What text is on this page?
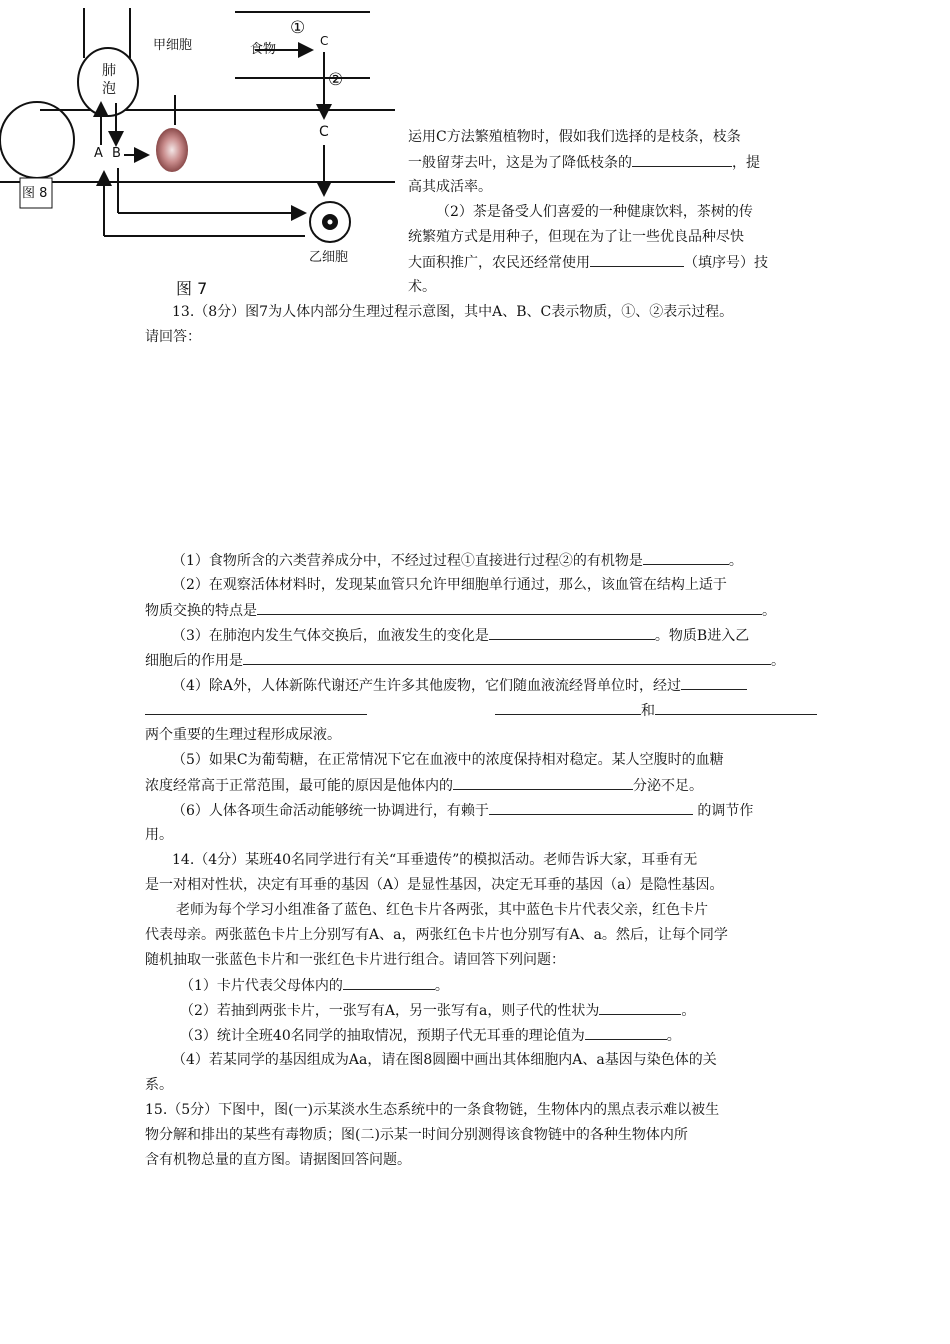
肺
泡
甲细胞
乙细胞
食物
①
②
C
C
A B
图 7
图 8
运用C方法繁殖植物时，假如我们选择的是枝条，枝条
一般留芽去叶，这是为了降低枝条的	，提
高其成活率。
（2）茶是备受人们喜爱的一种健康饮料，茶树的传
统繁殖方式是用种子，但现在为了让一些优良品种尽快
大面积推广，农民还经常使用	（填序号）技
术。
13.（8分）图7为人体内部分生理过程示意图，其中A、B、C表示物质，①、②表示过程。
请回答：
（1）食物所含的六类营养成分中，不经过过程①直接进行过程②的有机物是	。
（2）在观察活体材料时，发现某血管只允许甲细胞单行通过，那么，该血管在结构上适于
物质交换的特点是	。
（3）在肺泡内发生气体交换后，血液发生的变化是	。物质B进入乙
细胞后的作用是	。
（4）除A外，人体新陈代谢还产生许多其他废物，它们随血液流经肾单位时，经过
和
两个重要的生理过程形成尿液。
（5）如果C为葡萄糖，在正常情况下它在血液中的浓度保持相对稳定。某人空腹时的血糖
浓度经常高于正常范围，最可能的原因是他体内的	分泌不足。
（6）人体各项生命活动能够统一协调进行，有赖于	的调节作
用。
14.（4分）某班40名同学进行有关“耳垂遗传”的模拟活动。老师告诉大家，耳垂有无
是一对相对性状，决定有耳垂的基因（A）是显性基因，决定无耳垂的基因（a）是隐性基因。
老师为每个学习小组准备了蓝色、红色卡片各两张，其中蓝色卡片代表父亲，红色卡片
代表母亲。两张蓝色卡片上分别写有A、a，两张红色卡片也分别写有A、a。然后，让每个同学
随机抽取一张蓝色卡片和一张红色卡片进行组合。请回答下列问题：
（1）卡片代表父母体内的	。
（2）若抽到两张卡片，一张写有A，另一张写有a，则子代的性状为	。
（3）统计全班40名同学的抽取情况，预期子代无耳垂的理论值为	。
（4）若某同学的基因组成为Aa，请在图8圆圈中画出其体细胞内A、a基因与染色体的关
系。
15.（5分）下图中，图(一)示某淡水生态系统中的一条食物链，生物体内的黑点表示难以被生
物分解和排出的某些有毒物质；图(二)示某一时间分别测得该食物链中的各种生物体内所
含有机物总量的直方图。请据图回答问题。
